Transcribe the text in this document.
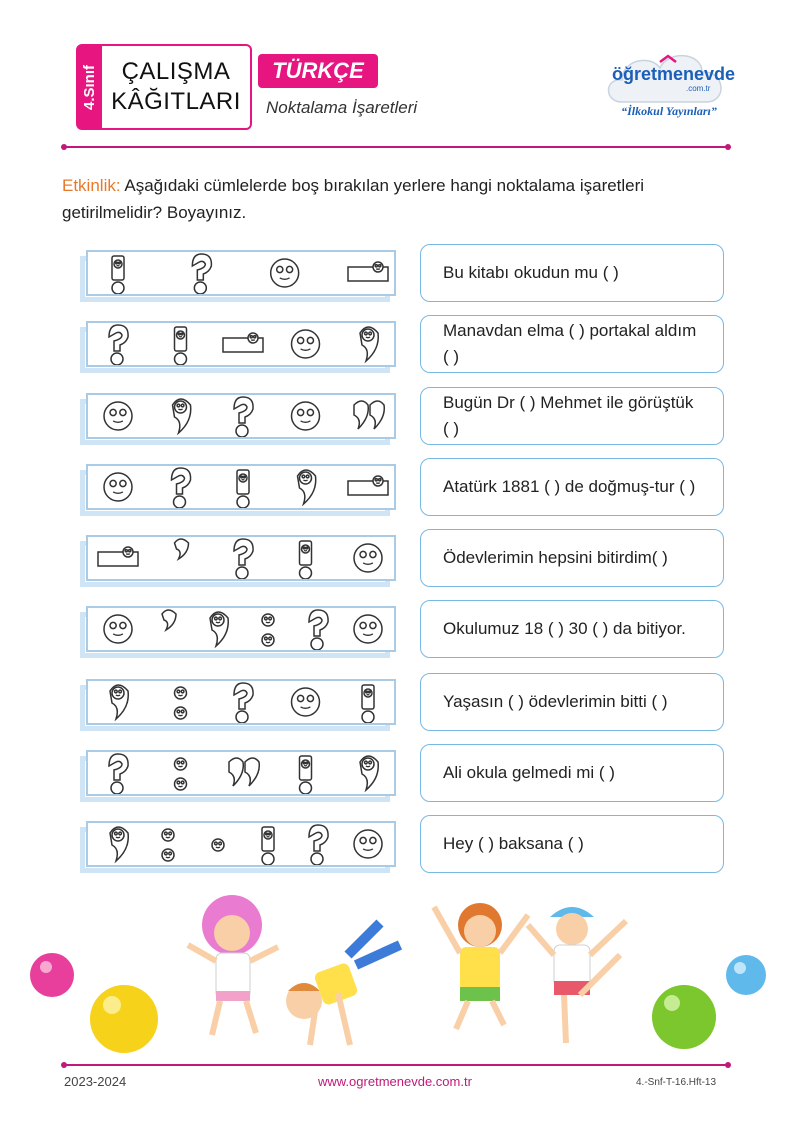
4.Sınıf ÇALIŞMA
KÂĞITLARI
TÜRKÇE
Noktalama İşaretleri
öğretmenevde
.com.tr
“İlkokul Yayınları”
Etkinlik: Aşağıdaki cümlelerde boş bırakılan yerlere hangi noktalama işaretleri getirilmelidir? Boyayınız.
Bu kitabı okudun mu ( )
Manavdan elma ( ) portakal aldım ( )
Bugün Dr ( ) Mehmet ile görüştük ( )
Atatürk 1881 ( ) de doğmuş-tur ( )
Ödevlerimin hepsini bitirdim( )
Okulumuz 18 ( ) 30 ( ) da bitiyor.
Yaşasın ( ) ödevlerimin bitti ( )
Ali okula gelmedi mi ( )
Hey ( ) baksana ( )
2023-2024	www.ogretmenevde.com.tr	4.-Snf-T-16.Hft-13
